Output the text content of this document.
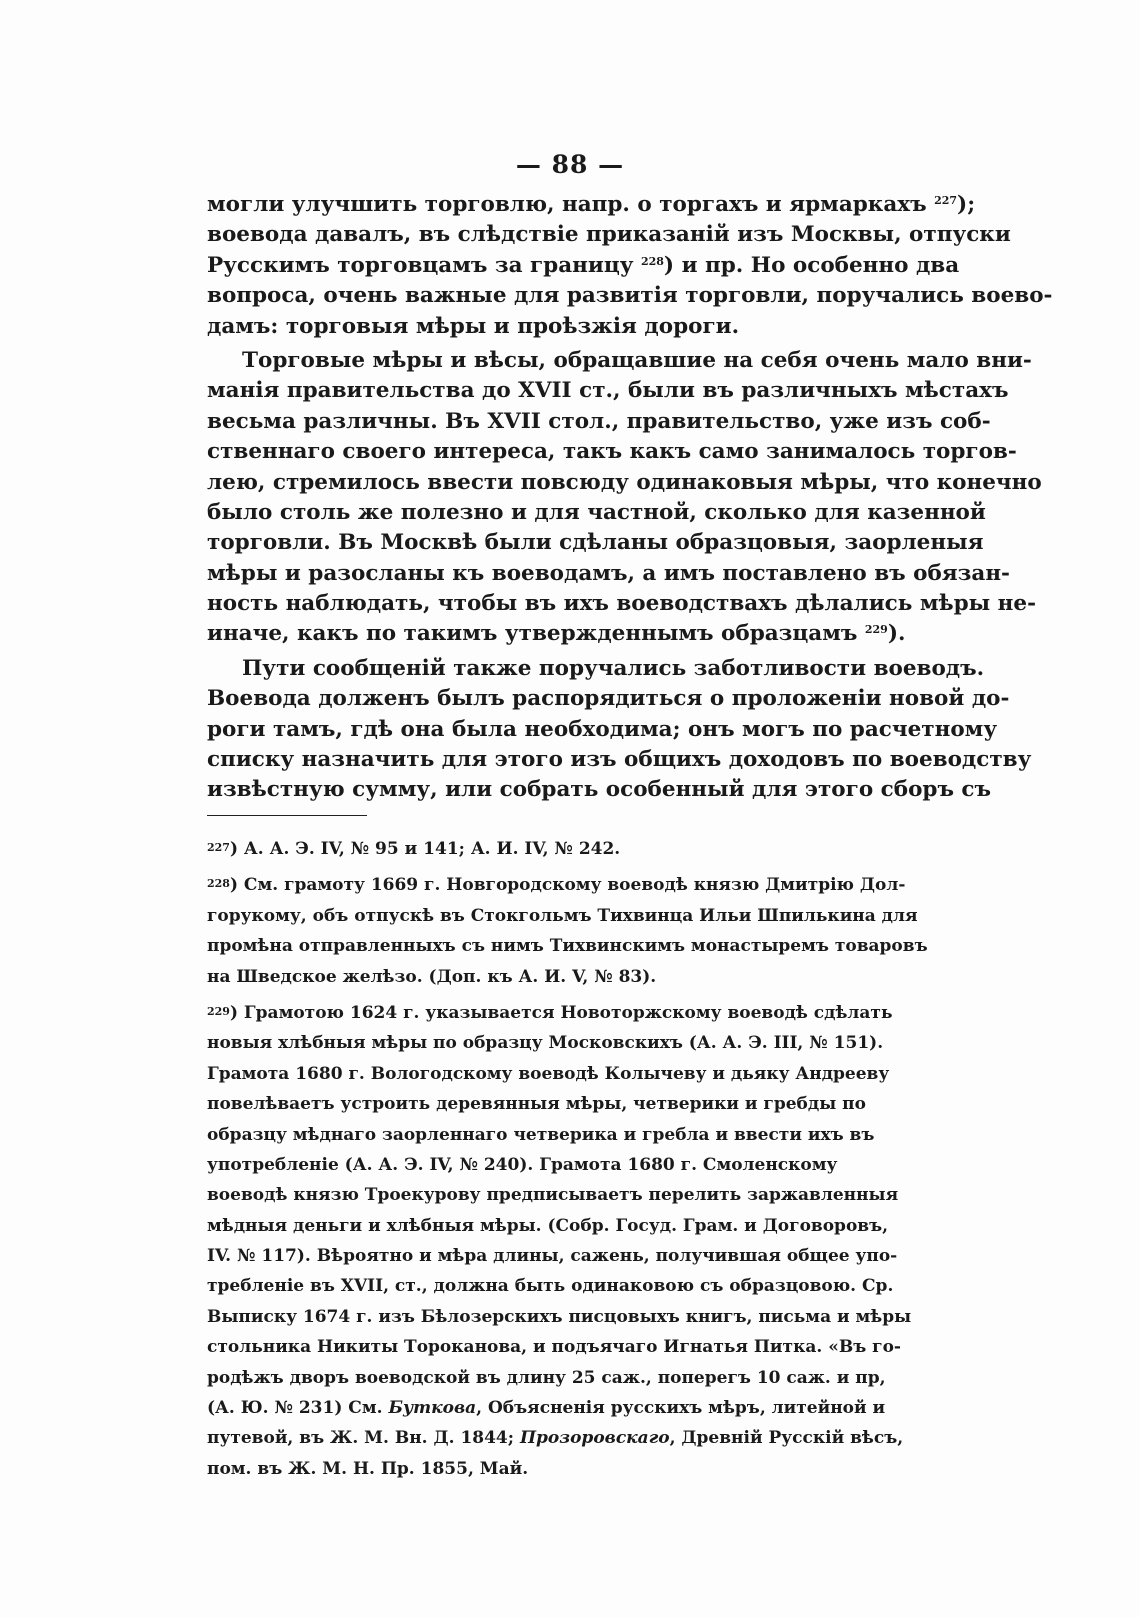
— 88 —
могли улучшить торговлю, напр. о торгахъ и ярмаркахъ $^{227}$);
воевода давалъ, въ слѣдствіе приказаній изъ Москвы, отпуски
Русскимъ торговцамъ за границу $^{228}$) и пр. Но особенно два
вопроса, очень важные для развитія торговли, поручались воево-
дамъ: торговыя мѣры и проѣзжія дороги.
Торговые мѣры и вѣсы, обращавшие на себя очень мало вни-
манія правительства до XVII ст., были въ различныхъ мѣстахъ
весьма различны. Въ XVII стол., правительство, уже изъ соб-
ственнаго своего интереса, такъ какъ само занималось торгов-
лею, стремилось ввести повсюду одинаковыя мѣры, что конечно
было столь же полезно и для частной, сколько для казенной
торговли. Въ Москвѣ были сдѣланы образцовыя, заорленыя
мѣры и разосланы къ воеводамъ, а имъ поставлено въ обязан-
ность наблюдать, чтобы въ ихъ воеводствахъ дѣлались мѣры не-
иначе, какъ по такимъ утвержденнымъ образцамъ $^{229}$).
Пути сообщеній также поручались заботливости воеводъ.
Воевода долженъ былъ распорядиться о проложеніи новой до-
роги тамъ, гдѣ она была необходима; онъ могъ по расчетному
списку назначить для этого изъ общихъ доходовъ по воеводству
извѣстную сумму, или собрать особенный для этого сборъ съ
$^{227}$) А. А. Э. IV, № 95 и 141; А. И. IV, № 242.
$^{228}$) См. грамоту 1669 г. Новгородскому воеводѣ князю Дмитрію Дол-
горукому, объ отпускѣ въ Стокгольмъ Тихвинца Ильи Шпилькина для
промѣна отправленныхъ съ нимъ Тихвинскимъ монастыремъ товаровъ
на Шведское желѣзо. (Доп. къ А. И. V, № 83).
$^{229}$) Грамотою 1624 г. указывается Новоторжскому воеводѣ сдѣлать
новыя хлѣбныя мѣры по образцу Московскихъ (А. А. Э. III, № 151).
Грамота 1680 г. Вологодскому воеводѣ Колычеву и дьяку Андрееву
повелѣваетъ устроить деревянныя мѣры, четверики и гребды по
образцу мѣднаго заорленнаго четверика и гребла и ввести ихъ въ
употребленіе (А. А. Э. IV, № 240). Грамота 1680 г. Смоленскому
воеводѣ князю Троекурову предписываетъ перелить заржавленныя
мѣдныя деньги и хлѣбныя мѣры. (Собр. Госуд. Грам. и Договоровъ,
IV. № 117). Вѣроятно и мѣра длины, сажень, получившая общее упо-
требленіе въ XVII, ст., должна быть одинаковою съ образцовою. Ср.
Выписку 1674 г. изъ Бѣлозерскихъ писцовыхъ книгъ, письма и мѣры
стольника Никиты Тороканова, и подъячаго Игнатья Питка. «Въ го-
родѣжъ дворъ воеводской въ длину 25 саж., поперегъ 10 саж. и пр,
(А. Ю. № 231) См. Буткова, Объясненія русскихъ мѣръ, литейной и
путевой, въ Ж. М. Вн. Д. 1844; Прозоровскаго, Древній Русскій вѣсъ,
пом. въ Ж. М. Н. Пр. 1855, Май.
